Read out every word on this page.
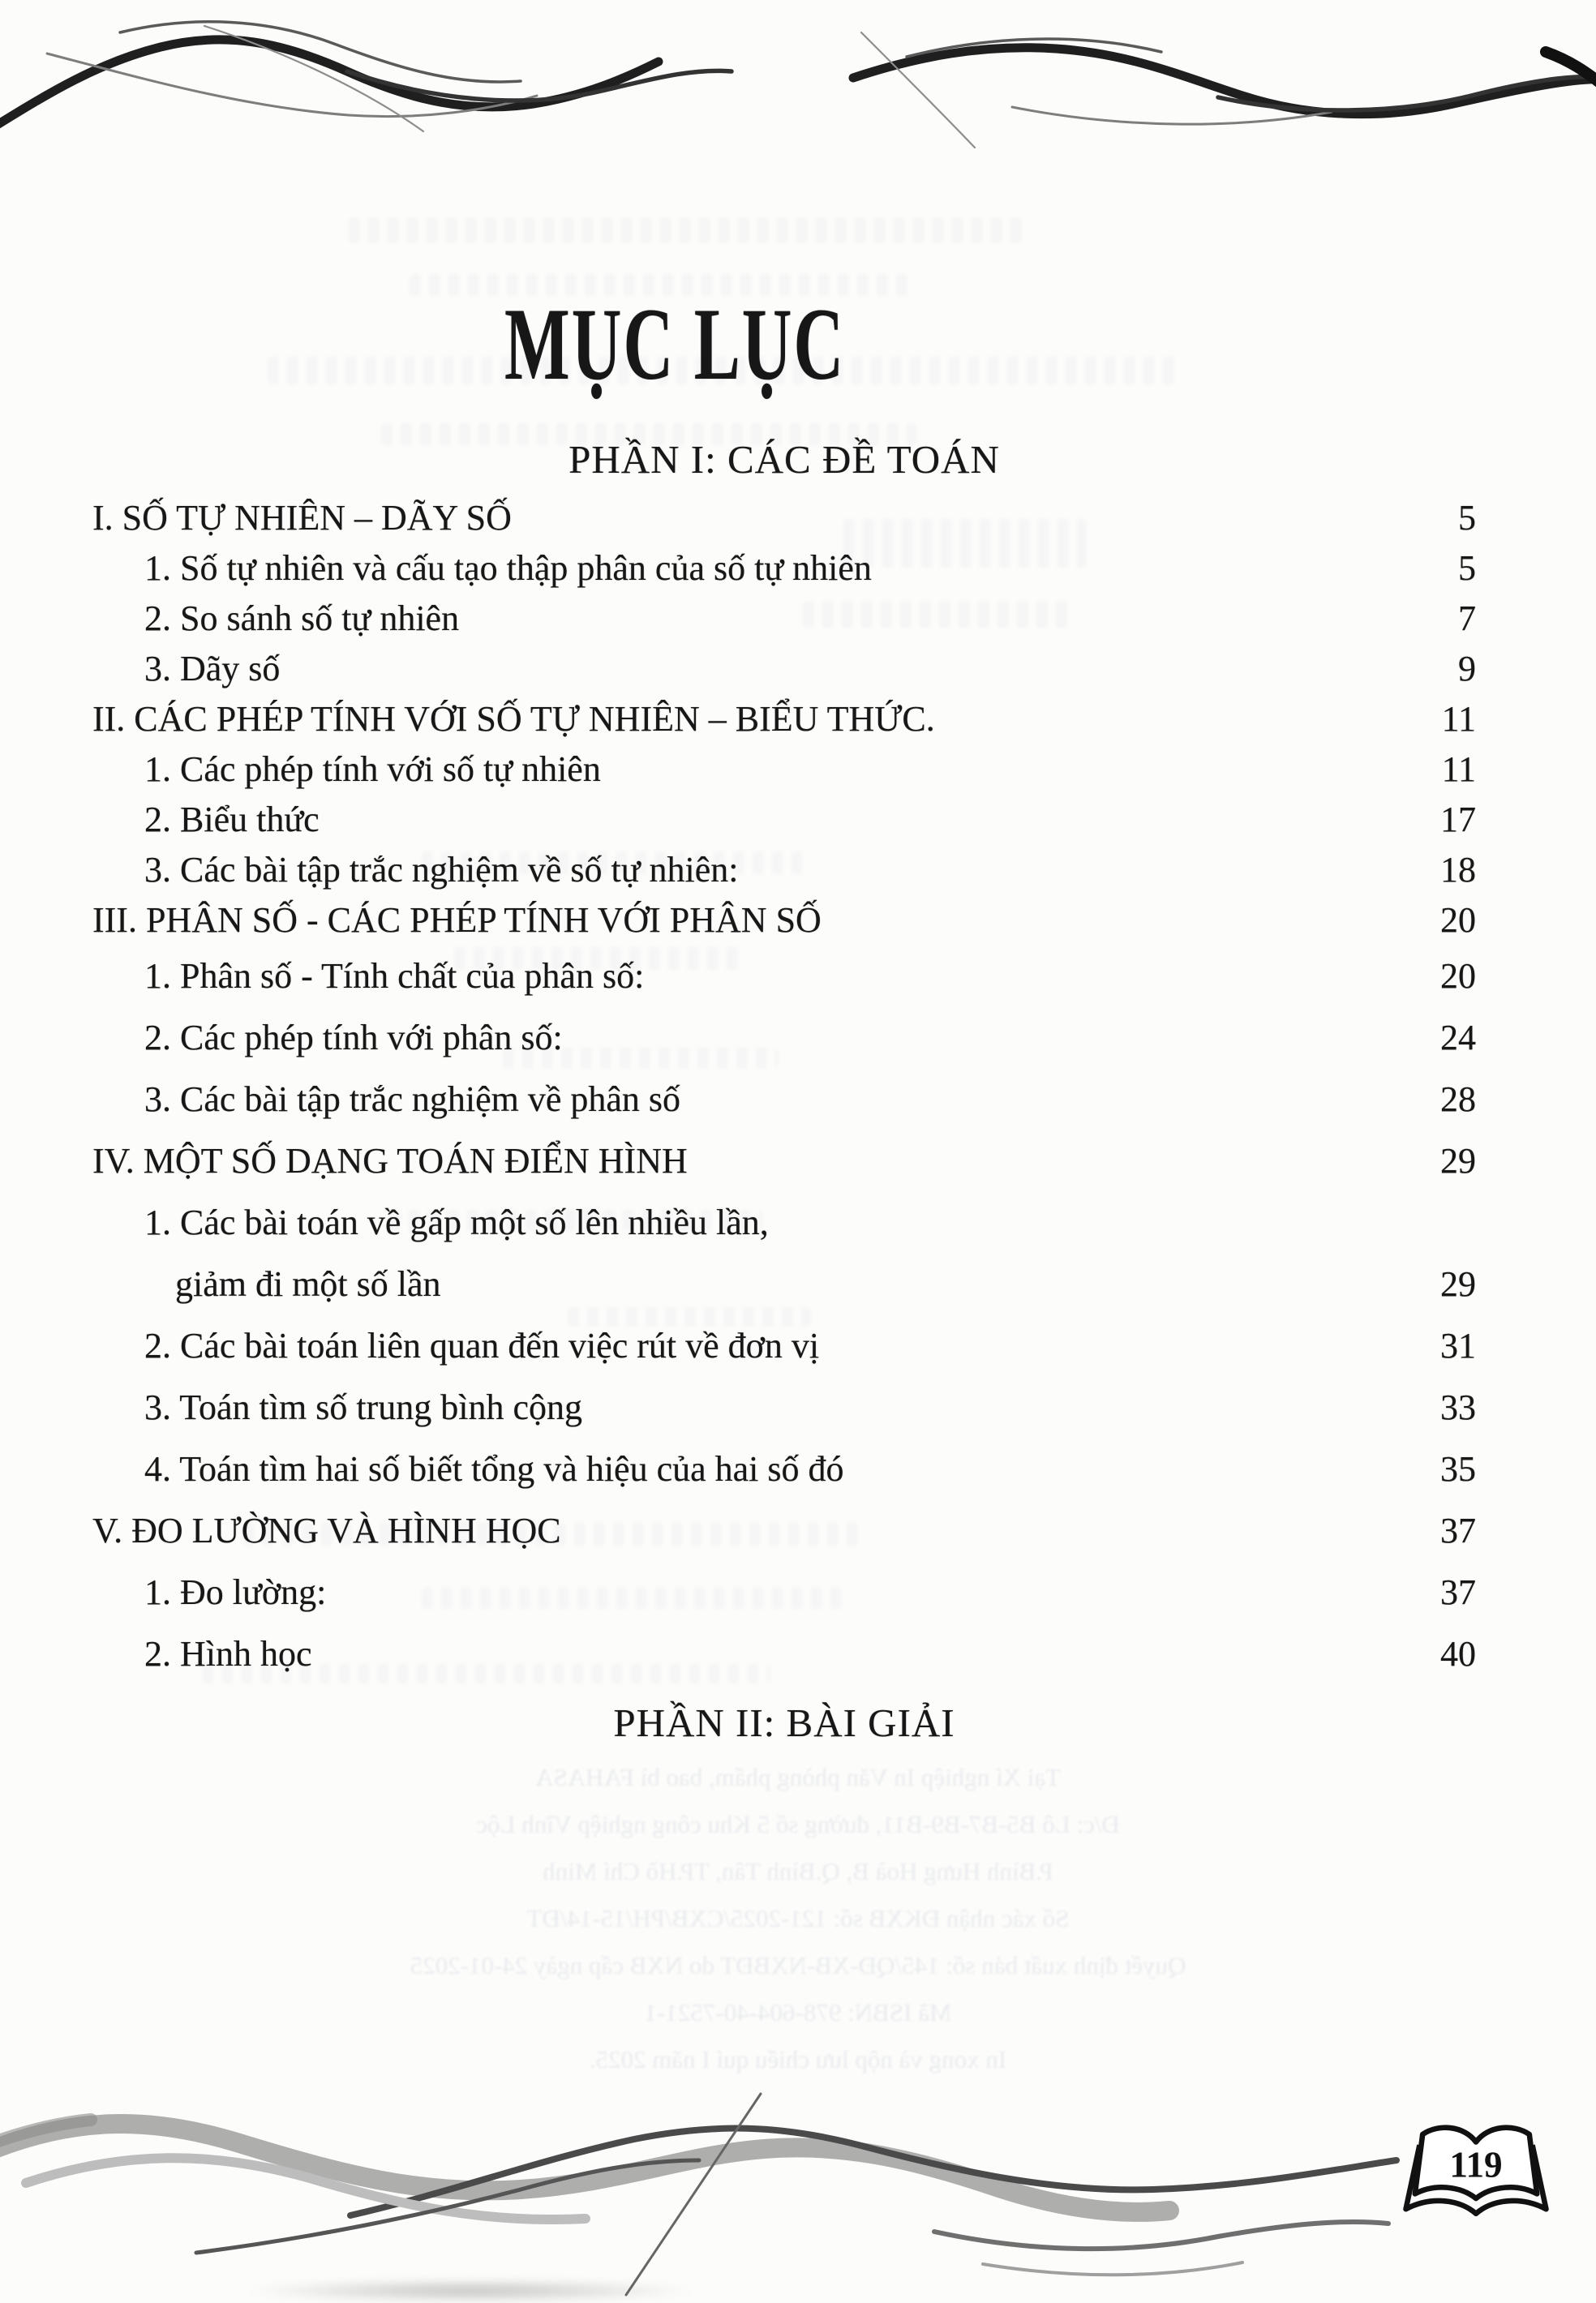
MỤC LỤC
PHẦN I: CÁC ĐỀ TOÁN
I. SỐ TỰ NHIÊN – DÃY SỐ	5
1. Số tự nhiên và cấu tạo thập phân của số tự nhiên	5
2. So sánh số tự nhiên	7
3. Dãy số	9
II. CÁC PHÉP TÍNH VỚI SỐ TỰ NHIÊN – BIỂU THỨC.	11
1. Các phép tính với số tự nhiên	11
2. Biểu thức	17
3. Các bài tập trắc nghiệm về số tự nhiên:	18
III. PHÂN SỐ - CÁC PHÉP TÍNH VỚI PHÂN SỐ	20
1. Phân số - Tính chất của phân số:	20
2. Các phép tính với phân số:	24
3. Các bài tập trắc nghiệm về phân số	28
IV. MỘT SỐ DẠNG TOÁN ĐIỂN HÌNH	29
1. Các bài toán về gấp một số lên nhiều lần,
giảm đi một số lần	29
2. Các bài toán liên quan đến việc rút về đơn vị	31
3. Toán tìm số trung bình cộng	33
4. Toán tìm hai số biết tổng và hiệu của hai số đó	35
V. ĐO LƯỜNG VÀ HÌNH HỌC	37
1. Đo lường:	37
2. Hình học	40
PHẦN II: BÀI GIẢI
Tại Xí nghiệp In Văn phòng phẩm, bao bì FAHASA
Đ/c: Lô B5-B7-B9-B11, đường số 5 Khu công nghiệp Vĩnh Lộc
P.Bình Hưng Hoà B, Q.Bình Tân, TP.Hồ Chí Minh
Số xác nhận ĐKXB số: 121-2025/CXB/PH/15-14/ĐT
Quyết định xuất bản số: 145/QĐ-XB-NXBĐT do NXB cấp ngày 24-01-2025
Mã ISBN: 978-604-40-7521-1
In xong và nộp lưu chiểu quí I năm 2025.
119
